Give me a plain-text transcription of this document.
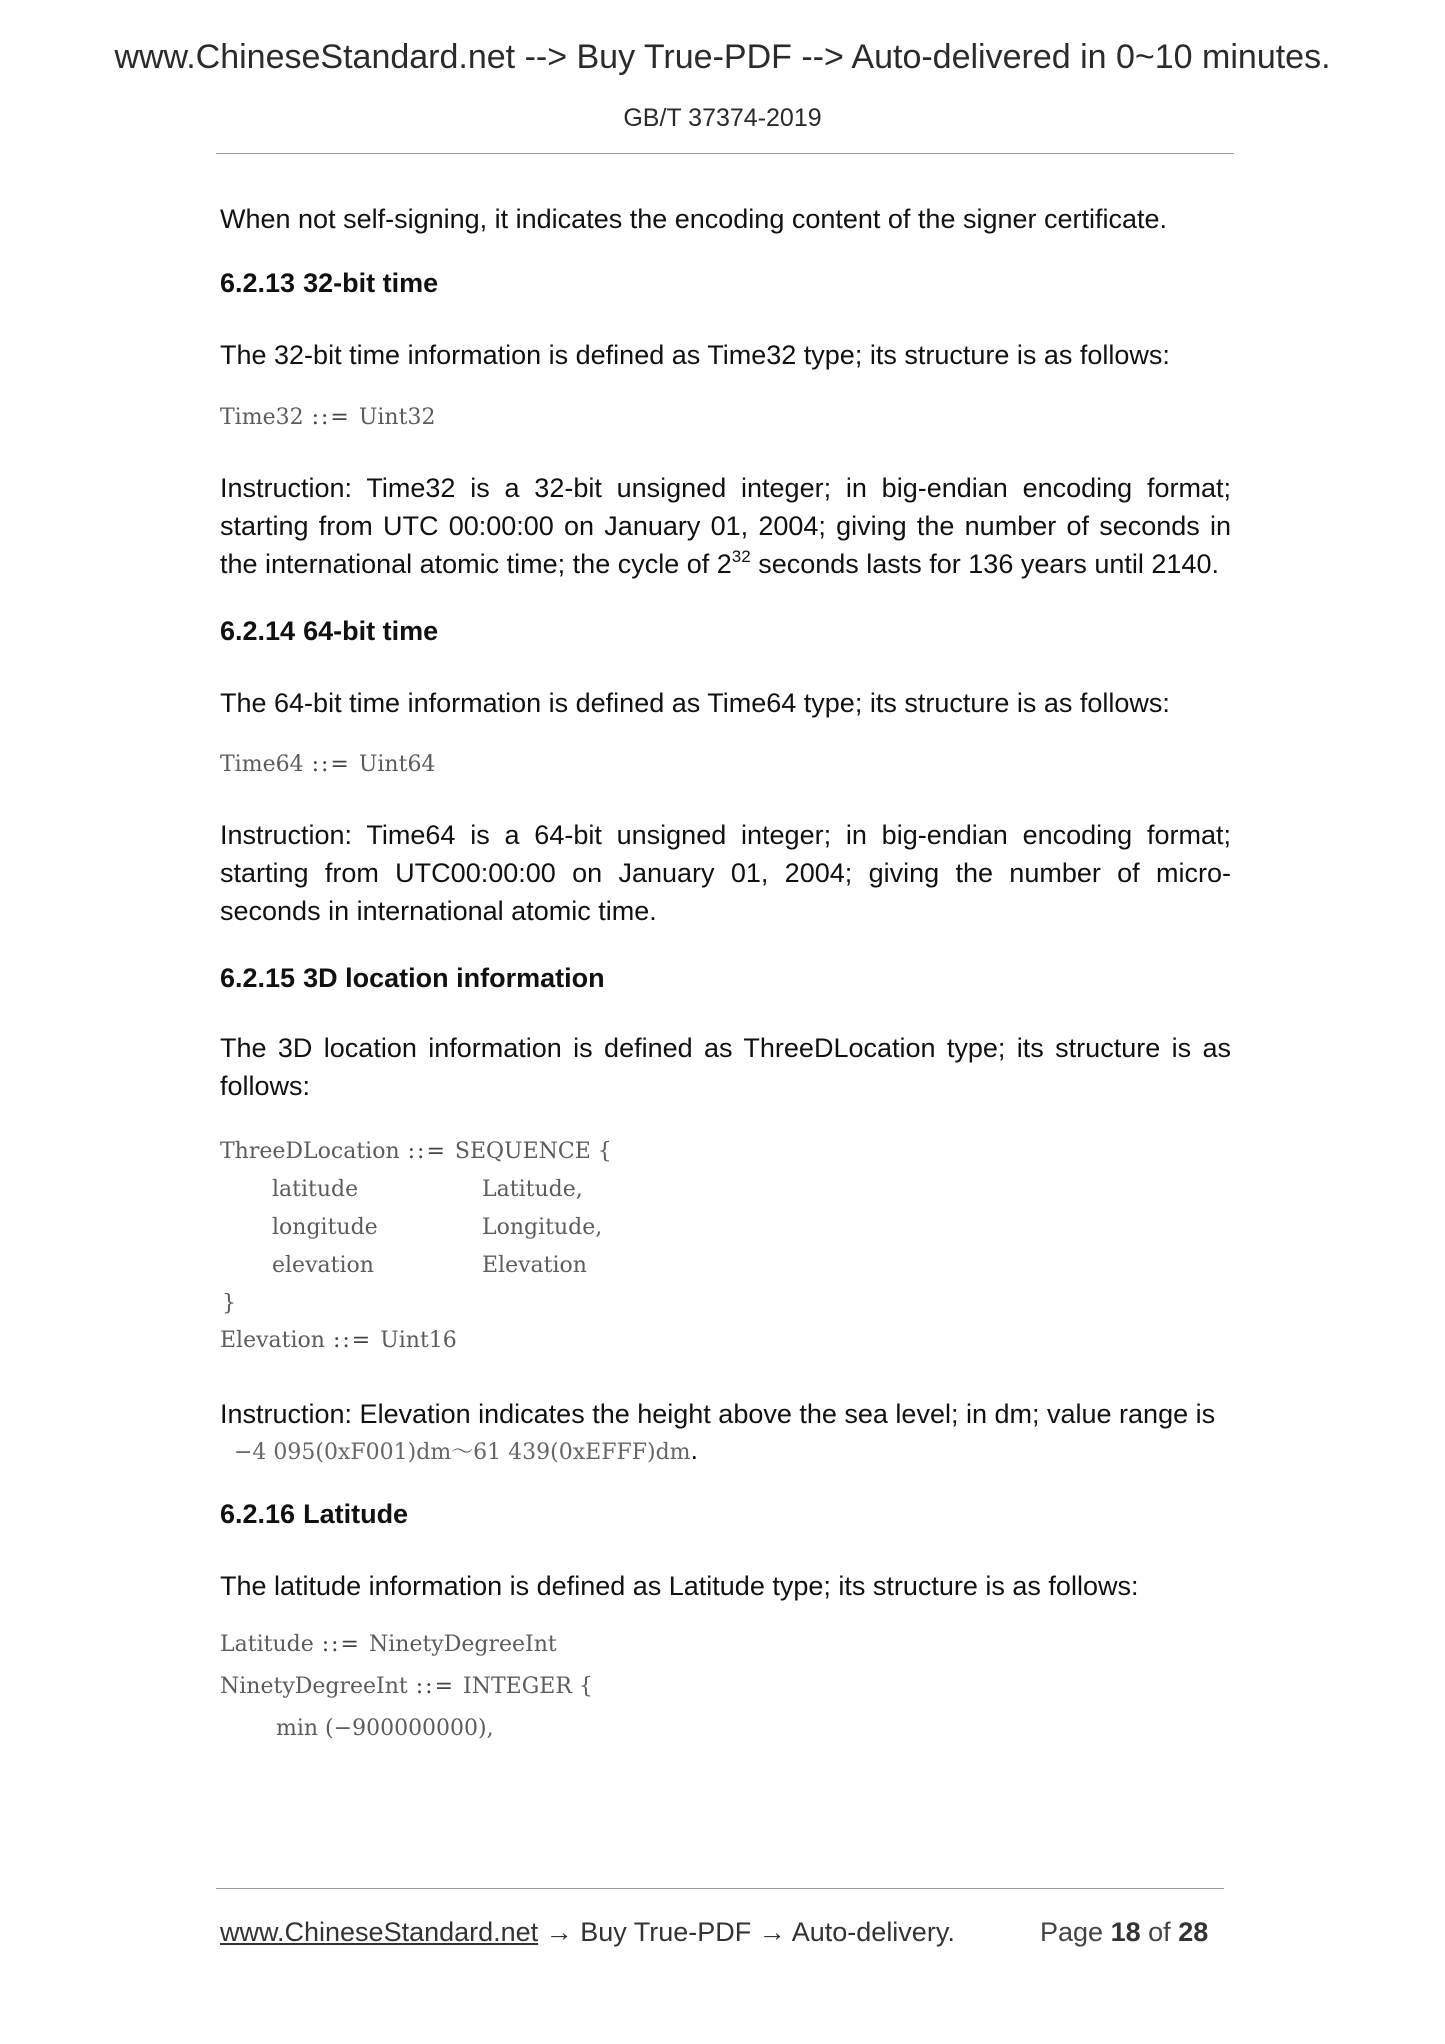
www.ChineseStandard.net --> Buy True-PDF --> Auto-delivered in 0~10 minutes.
GB/T 37374-2019
When not self-signing, it indicates the encoding content of the signer certificate.
6.2.13 32-bit time
The 32-bit time information is defined as Time32 type; its structure is as follows:
Time32 ::= Uint32
Instruction: Time32 is a 32-bit unsigned integer; in big-endian encoding format; starting from UTC 00:00:00 on January 01, 2004; giving the number of seconds in the international atomic time; the cycle of $2^{32}$ seconds lasts for 136 years until 2140.
6.2.14 64-bit time
The 64-bit time information is defined as Time64 type; its structure is as follows:
Time64 ::= Uint64
Instruction: Time64 is a 64-bit unsigned integer; in big-endian encoding format; starting from UTC00:00:00 on January 01, 2004; giving the number of micro-seconds in international atomic time.
6.2.15 3D location information
The 3D location information is defined as ThreeDLocation type; its structure is as follows:
ThreeDLocation ::= SEQUENCE {
latitude	Latitude,
longitude	Longitude,
elevation	Elevation
}
Elevation ::= Uint16
Instruction: Elevation indicates the height above the sea level; in dm; value range is
−4 095(0xF001)dm～61 439(0xEFFF)dm.
6.2.16 Latitude
The latitude information is defined as Latitude type; its structure is as follows:
Latitude ::= NinetyDegreeInt
NinetyDegreeInt ::= INTEGER {
min (−900000000),
www.ChineseStandard.net → Buy True-PDF → Auto-delivery.	Page 18 of 28
